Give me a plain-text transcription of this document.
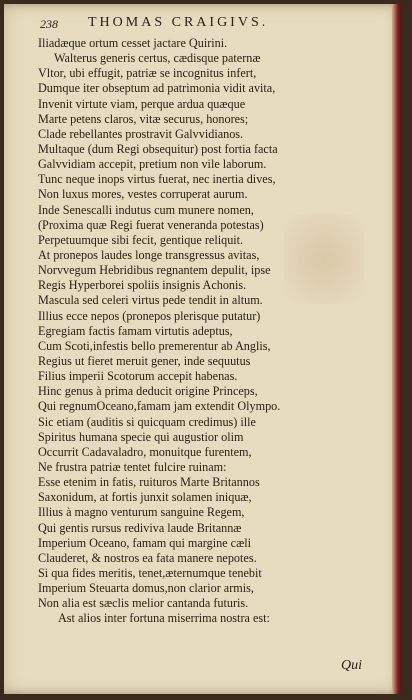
238 THOMAS CRAIGIVS.
Iliadæque ortum cesset jactare Quirini.
Walterus generis certus, cædisque paternæ
Vltor, ubi effugit, patriæ se incognitus infert,
Dumque iter obseptum ad patrimonia vidit avita,
Invenit virtute viam, perque ardua quæque
Marte petens claros, vitæ securus, honores;
Clade rebellantes prostravit Galvvidianos.
Multaque (dum Regi obsequitur) post fortia facta
Galvvidiam accepit, pretium non vile laborum.
Tunc neque inops virtus fuerat, nec inertia dives,
Non luxus mores, vestes corruperat aurum.
Inde Senescalli indutus cum munere nomen,
(Proxima quæ Regi fuerat veneranda potestas)
Perpetuumque sibi fecit, gentique reliquit.
At pronepos laudes longe transgressus avitas,
Norvvegum Hebridibus regnantem depulit, ipse
Regis Hyperborei spoliis insignis Achonis.
Mascula sed celeri virtus pede tendit in altum.
Illius ecce nepos (pronepos plerisque putatur)
Egregiam factis famam virtutis adeptus,
Cum Scoti,infestis bello premerentur ab Anglis,
Regius ut fieret meruit gener, inde sequutus
Filius imperii Scotorum accepit habenas.
Hinc genus à prima deducit origine Princeps,
Qui regnumOceano,famam jam extendit Olympo.
Sic etiam (auditis si quicquam credimus) ille
Spiritus humana specie qui augustior olim
Occurrit Cadavaladro, monuitque furentem,
Ne frustra patriæ tentet fulcire ruinam:
Esse etenim in fatis, ruituros Marte Britannos
Saxonidum, at fortis junxit solamen iniquæ,
Illius à magno venturum sanguine Regem,
Qui gentis rursus rediviva laude Britannæ
Imperium Oceano, famam qui margine cæli
Clauderet, & nostros ea fata manere nepotes.
Si qua fides meritis, tenet,æternumque tenebit
Imperium Steuarta domus,non clarior armis,
Non alia est sæclis melior cantanda futuris.
Ast alios inter fortuna miserrima nostra est:
Qui
